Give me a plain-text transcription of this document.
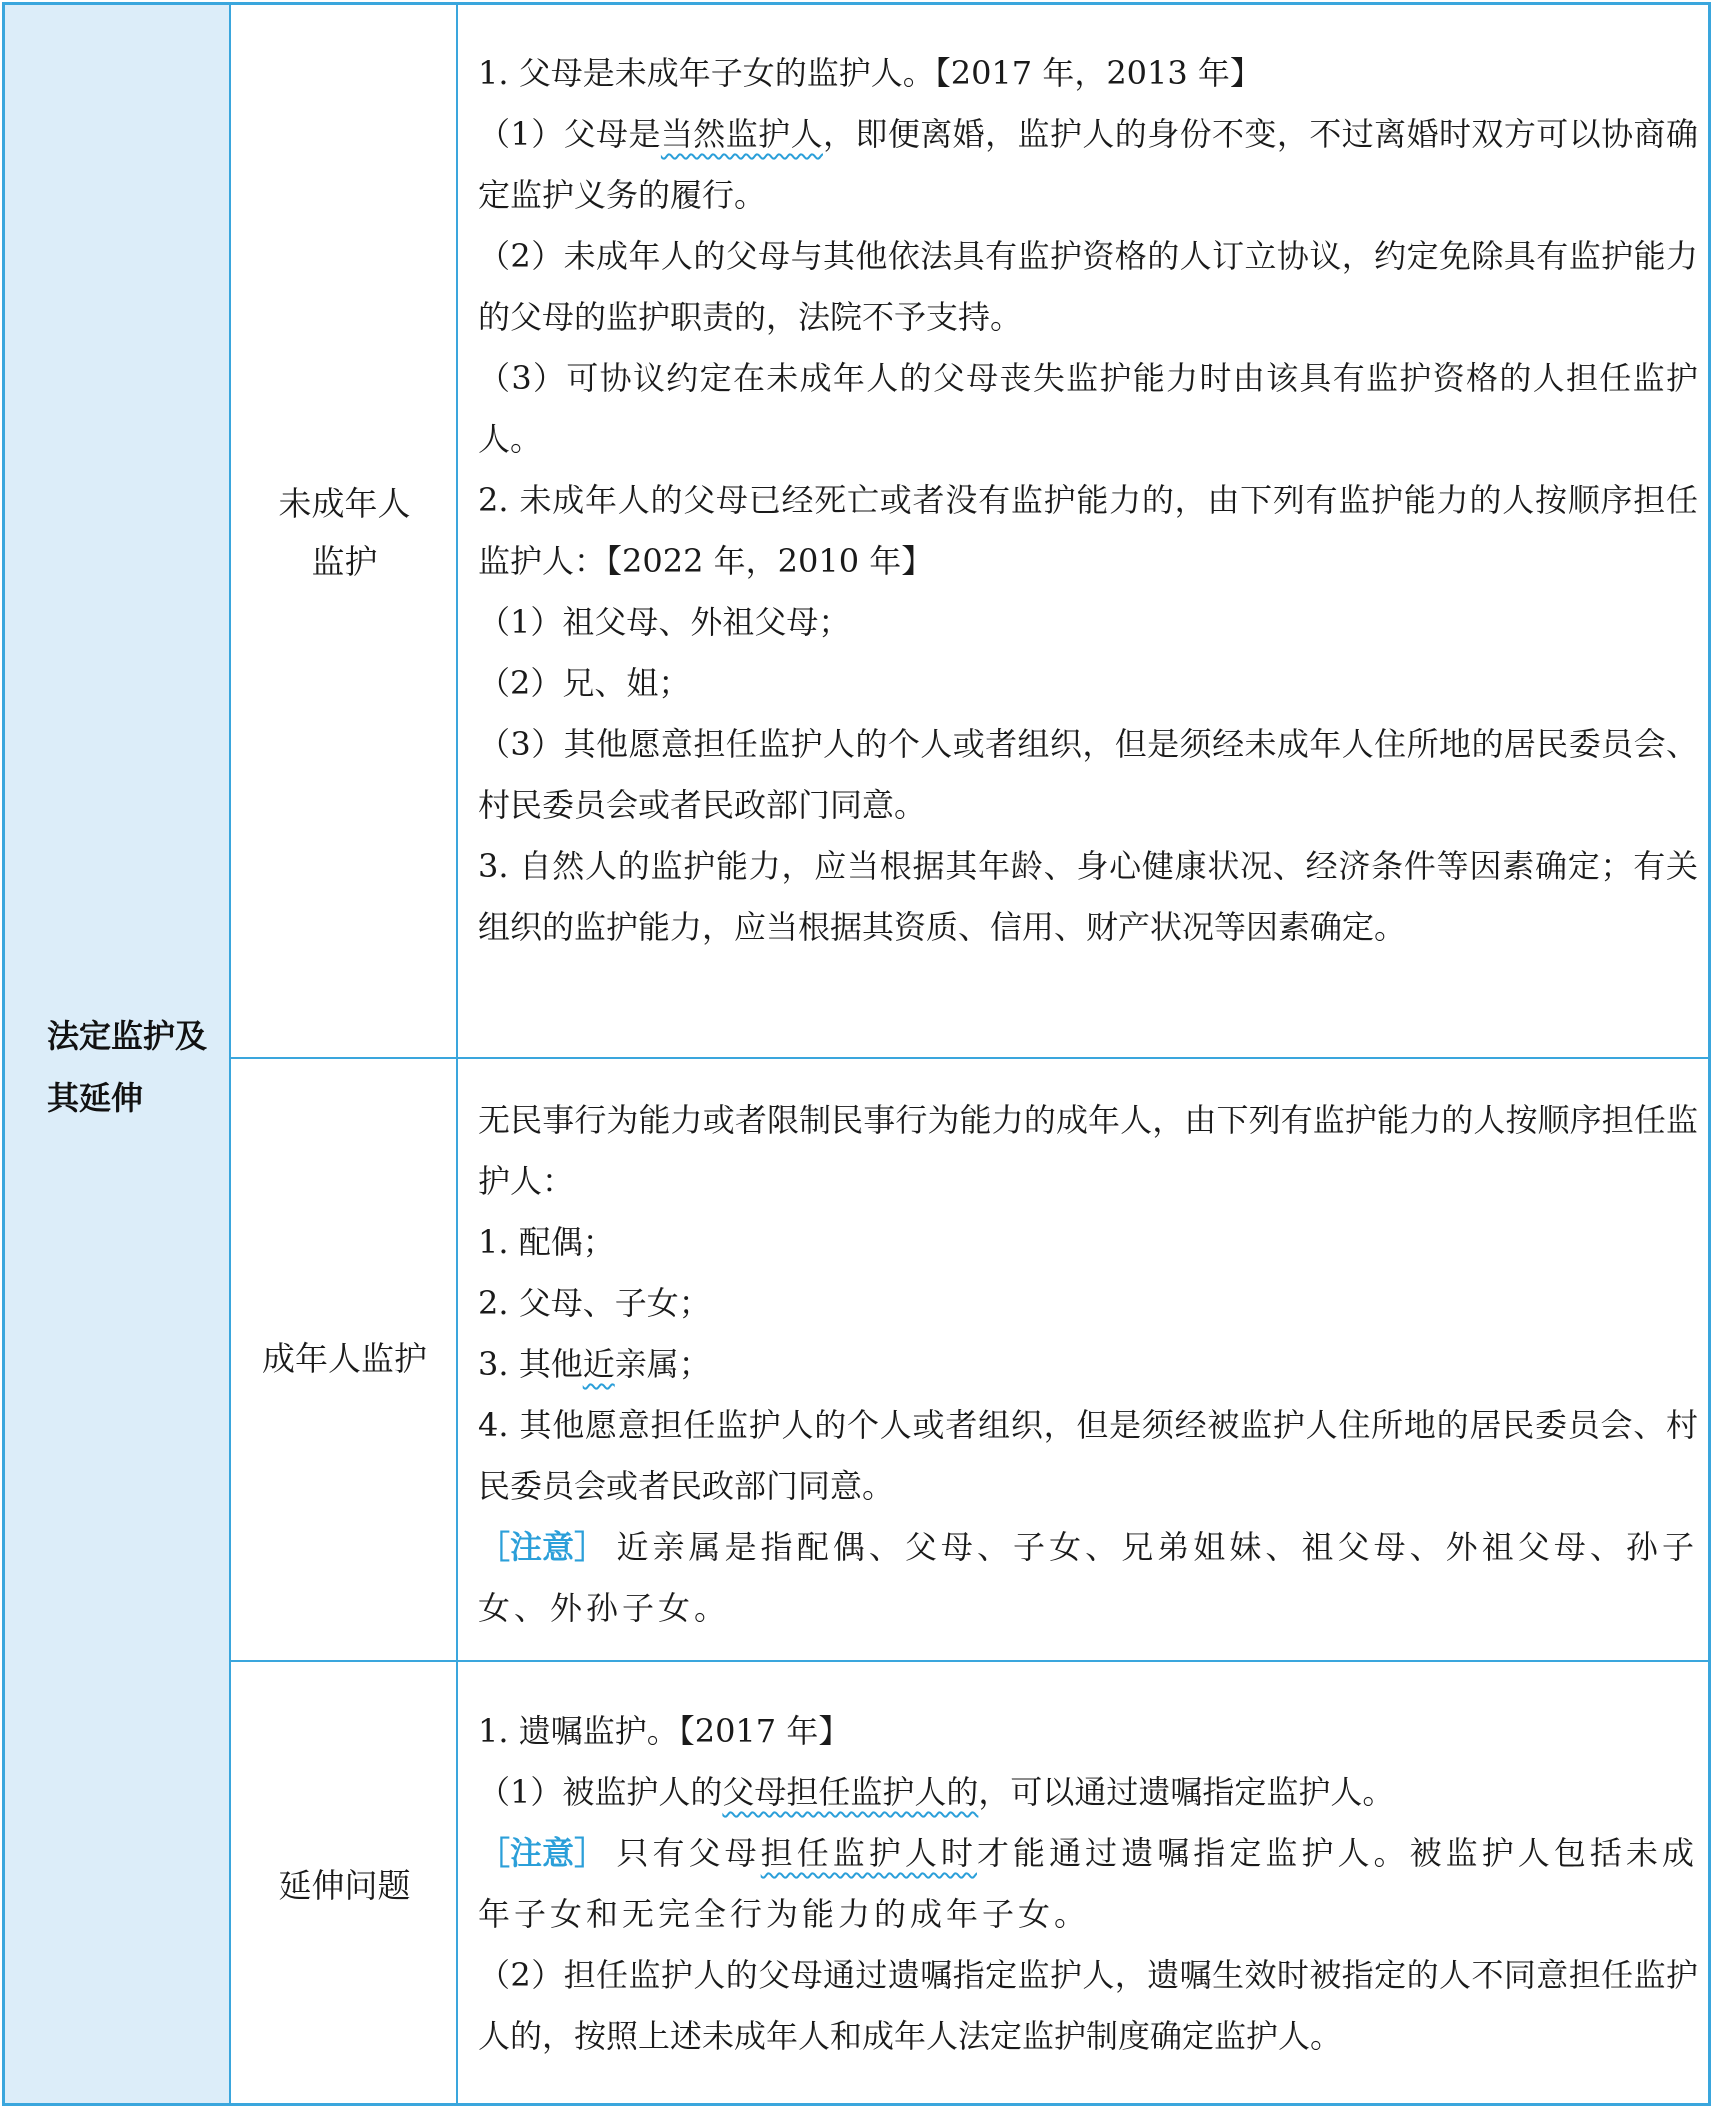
法定监护及其延伸
未成年人监护

1. 父母是未成年子女的监护人。【2017 年，2013 年】

（1）父母是当然监护人，即便离婚，监护人的身份不变，不过离婚时双方可以协商确定监护义务的履行。

（2）未成年人的父母与其他依法具有监护资格的人订立协议，约定免除具有监护能力的父母的监护职责的，法院不予支持。

（3）可协议约定在未成年人的父母丧失监护能力时由该具有监护资格的人担任监护人。

2. 未成年人的父母已经死亡或者没有监护能力的，由下列有监护能力的人按顺序担任监护人：【2022 年，2010 年】

（1）祖父母、外祖父母；

（2）兄、姐；

（3）其他愿意担任监护人的个人或者组织，但是须经未成年人住所地的居民委员会、村民委员会或者民政部门同意。

3. 自然人的监护能力，应当根据其年龄、身心健康状况、经济条件等因素确定；有关组织的监护能力，应当根据其资质、信用、财产状况等因素确定。

成年人监护

无民事行为能力或者限制民事行为能力的成年人，由下列有监护能力的人按顺序担任监护人：

1. 配偶；

2. 父母、子女；

3. 其他近亲属；

4. 其他愿意担任监护人的个人或者组织，但是须经被监护人住所地的居民委员会、村民委员会或者民政部门同意。

［注意］ 近亲属是指配偶、父母、子女、兄弟姐妹、祖父母、外祖父母、孙子女、外孙子女。

延伸问题

1. 遗嘱监护。【2017 年】

（1）被监护人的父母担任监护人的，可以通过遗嘱指定监护人。

［注意］ 只有父母担任监护人时才能通过遗嘱指定监护人。被监护人包括未成年子女和无完全行为能力的成年子女。

（2）担任监护人的父母通过遗嘱指定监护人，遗嘱生效时被指定的人不同意担任监护人的，按照上述未成年人和成年人法定监护制度确定监护人。
